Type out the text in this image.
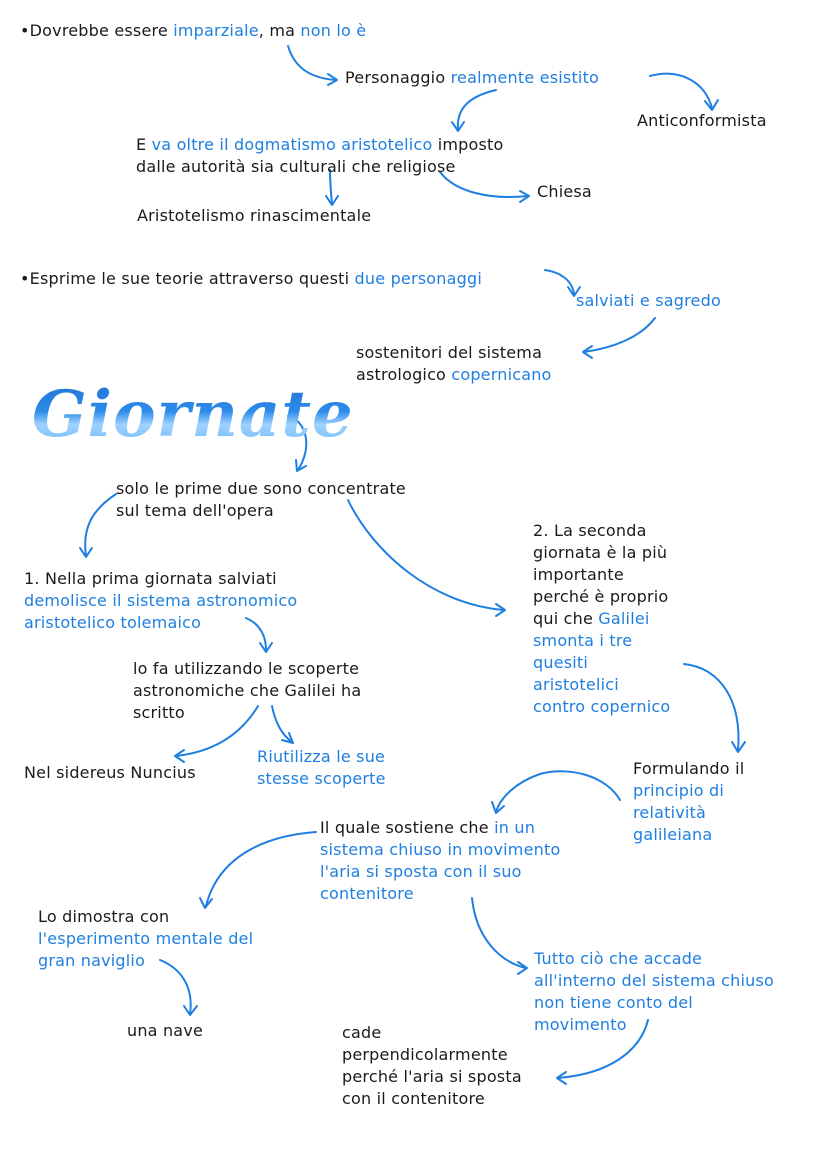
Giornate
•Dovrebbe essere imparziale, ma non lo è
Personaggio realmente esistito
Anticonformista
E va oltre il dogmatismo aristotelico imposto
dalle autorità sia culturali che religiose
Chiesa
Aristotelismo rinascimentale
•Esprime le sue teorie attraverso questi due personaggi
salviati e sagredo
sostenitori del sistema
astrologico copernicano
solo le prime due sono concentrate
sul tema dell'opera
1. Nella prima giornata salviati
demolisce il sistema astronomico
aristotelico tolemaico
2. La seconda
giornata è la più
importante
perché è proprio
qui che Galilei
smonta i tre
quesiti
aristotelici
contro copernico
lo fa utilizzando le scoperte
astronomiche che Galilei ha
scritto
Nel sidereus Nuncius
Riutilizza le sue
stesse scoperte
Formulando il
principio di
relatività
galileiana
Il quale sostiene che in un
sistema chiuso in movimento
l'aria si sposta con il suo
contenitore
Lo dimostra con
l'esperimento mentale del
gran naviglio
una nave
Tutto ciò che accade
all'interno del sistema chiuso
non tiene conto del
movimento
cade
perpendicolarmente
perché l'aria si sposta
con il contenitore
